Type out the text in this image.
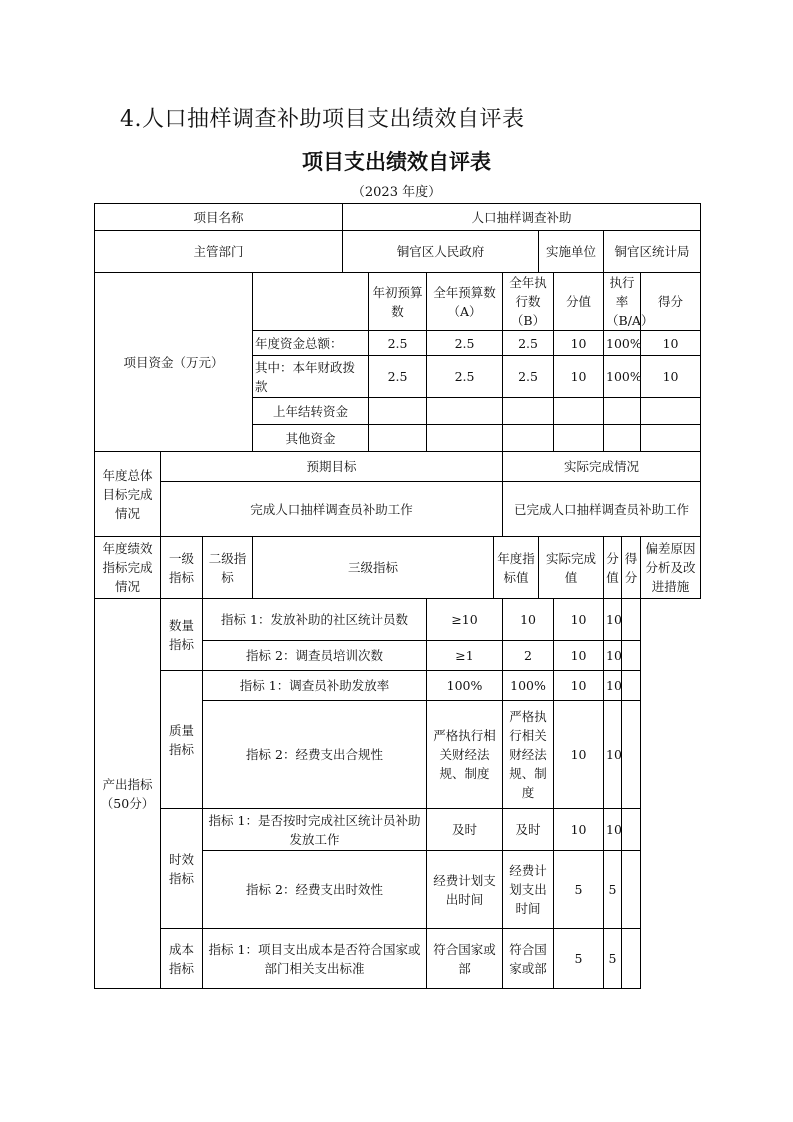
4.人口抽样调查补助项目支出绩效自评表
项目支出绩效自评表
（2023 年度）
项目名称				人口抽样调查补助									
主管部门				铜官区人民政府					实施单位		铜官区统计局		
项目资金（万元）					年初预算数	全年预算数（A）		全年执行数（B）		分值	执行率（B/A）		得分
			年度资金总额：		2.5	2.5		2.5		10	100%		10
			其中：本年财政拨款		2.5	2.5		2.5		10	100%		10
			上年结转资金										
			其他资金										
年度总体目标完成情况	预期目标							实际完成情况					
	完成人口抽样调查员补助工作							已完成人口抽样调查员补助工作					
年度绩效指标完成情况	一级指标	二级指标	三级指标				年度指标值		实际完成值		分值	得分	偏差原因分析及改进措施
产出指标（50分）	数量指标	指标 1：发放补助的社区统计员数				≥10		10		10	10		
		指标 2：调查员培训次数				≥1		2		10	10		
	质量指标	指标 1：调查员补助发放率				100%		100%		10	10		
		指标 2：经费支出合规性				严格执行相关财经法规、制度		严格执行相关财经法规、制度		10	10		
	时效指标	指标 1：是否按时完成社区统计员补助发放工作				及时		及时		10	10		
		指标 2：经费支出时效性				经费计划支出时间		经费计划支出时间		5	5		
	成本指标	指标 1：项目支出成本是否符合国家或部门相关支出标准				符合国家或部		符合国家或部		5	5		
